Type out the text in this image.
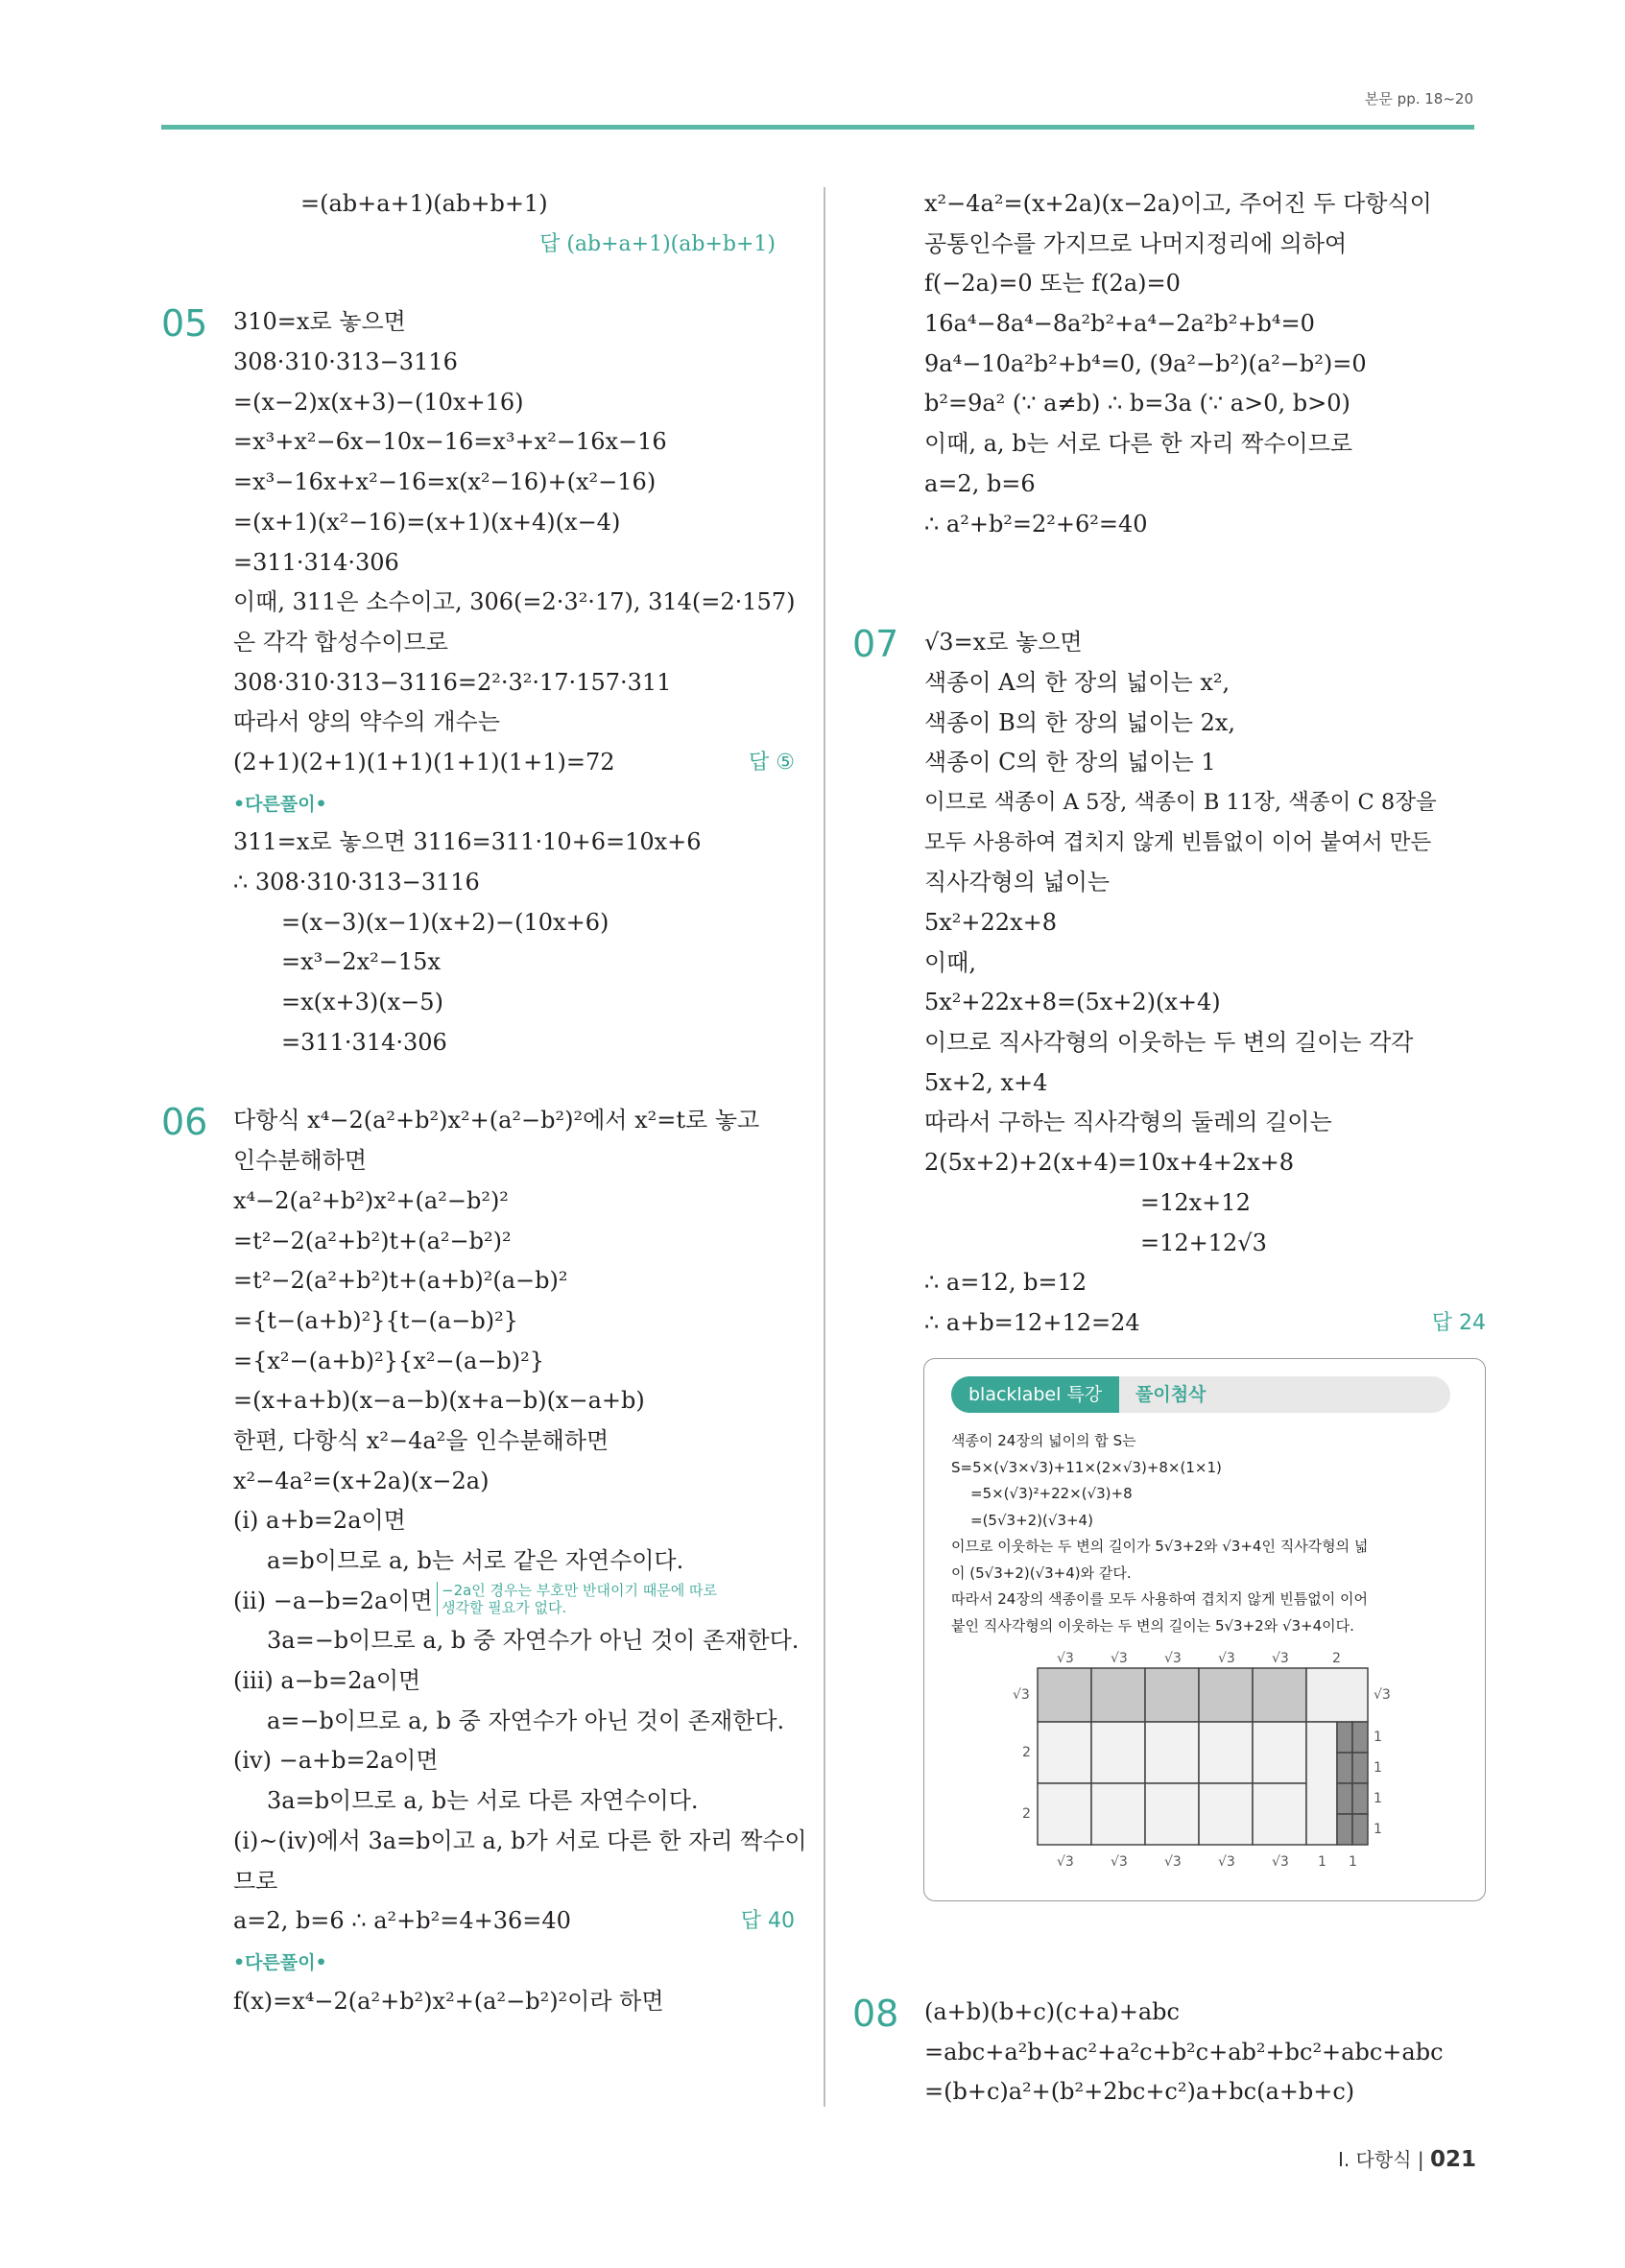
본문 pp. 18~20
=(ab+a+1)(ab+b+1)
답 (ab+a+1)(ab+b+1)
05	310=x로 놓으면
308·310·313−3116
=(x−2)x(x+3)−(10x+16)
=x³+x²−6x−10x−16=x³+x²−16x−16
=x³−16x+x²−16=x(x²−16)+(x²−16)
=(x+1)(x²−16)=(x+1)(x+4)(x−4)
=311·314·306
이때, 311은 소수이고, 306(=2·3²·17), 314(=2·157)
은 각각 합성수이므로
308·310·313−3116=2²·3²·17·157·311
따라서 양의 약수의 개수는
(2+1)(2+1)(1+1)(1+1)(1+1)=72	답 ⑤
•다른풀이•
311=x로 놓으면 3116=311·10+6=10x+6
∴ 308·310·313−3116
=(x−3)(x−1)(x+2)−(10x+6)
=x³−2x²−15x
=x(x+3)(x−5)
=311·314·306
06	다항식 x⁴−2(a²+b²)x²+(a²−b²)²에서 x²=t로 놓고
인수분해하면
x⁴−2(a²+b²)x²+(a²−b²)²
=t²−2(a²+b²)t+(a²−b²)²
=t²−2(a²+b²)t+(a+b)²(a−b)²
={t−(a+b)²}{t−(a−b)²}
={x²−(a+b)²}{x²−(a−b)²}
=(x+a+b)(x−a−b)(x+a−b)(x−a+b)
한편, 다항식 x²−4a²을 인수분해하면
x²−4a²=(x+2a)(x−2a)
(ⅰ) a+b=2a이면
a=b이므로 a, b는 서로 같은 자연수이다.
(ⅱ) −a−b=2a이면
3a=−b이므로 a, b 중 자연수가 아닌 것이 존재한다.
(ⅲ) a−b=2a이면
a=−b이므로 a, b 중 자연수가 아닌 것이 존재한다.
(ⅳ) −a+b=2a이면
3a=b이므로 a, b는 서로 다른 자연수이다.
(ⅰ)~(ⅳ)에서 3a=b이고 a, b가 서로 다른 한 자리 짝수이
므로
a=2, b=6 ∴ a²+b²=4+36=40	답 40
•다른풀이•
f(x)=x⁴−2(a²+b²)x²+(a²−b²)²이라 하면
−2a인 경우는 부호만 반대이기 때문에 따로
생각할 필요가 없다.
x²−4a²=(x+2a)(x−2a)이고, 주어진 두 다항식이
공통인수를 가지므로 나머지정리에 의하여
f(−2a)=0 또는 f(2a)=0
16a⁴−8a⁴−8a²b²+a⁴−2a²b²+b⁴=0
9a⁴−10a²b²+b⁴=0, (9a²−b²)(a²−b²)=0
b²=9a² (∵ a≠b) ∴ b=3a (∵ a>0, b>0)
이때, a, b는 서로 다른 한 자리 짝수이므로
a=2, b=6
∴ a²+b²=2²+6²=40
07	√3=x로 놓으면
색종이 A의 한 장의 넓이는 x²,
색종이 B의 한 장의 넓이는 2x,
색종이 C의 한 장의 넓이는 1
이므로 색종이 A 5장, 색종이 B 11장, 색종이 C 8장을
모두 사용하여 겹치지 않게 빈틈없이 이어 붙여서 만든
직사각형의 넓이는
5x²+22x+8
이때,
5x²+22x+8=(5x+2)(x+4)
이므로 직사각형의 이웃하는 두 변의 길이는 각각
5x+2, x+4
따라서 구하는 직사각형의 둘레의 길이는
2(5x+2)+2(x+4)=10x+4+2x+8
=12x+12
=12+12√3
∴ a=12, b=12
∴ a+b=12+12=24	답 24
blacklabel 특강	풀이첨삭
색종이 24장의 넓이의 합 S는
S=5×(√3×√3)+11×(2×√3)+8×(1×1)
=5×(√3)²+22×(√3)+8
=(5√3+2)(√3+4)
이므로 이웃하는 두 변의 길이가 5√3+2와 √3+4인 직사각형의 넓
이 (5√3+2)(√3+4)와 같다.
따라서 24장의 색종이를 모두 사용하여 겹치지 않게 빈틈없이 이어
붙인 직사각형의 이웃하는 두 변의 길이는 5√3+2와 √3+4이다.
√3	√3	√3	√3	√3	2
√3
2
2
√3
1
1
1
1
√3	√3	√3	√3	√3 1 1
08	(a+b)(b+c)(c+a)+abc
=abc+a²b+ac²+a²c+b²c+ab²+bc²+abc+abc
=(b+c)a²+(b²+2bc+c²)a+bc(a+b+c)
Ⅰ. 다항식 | 021
